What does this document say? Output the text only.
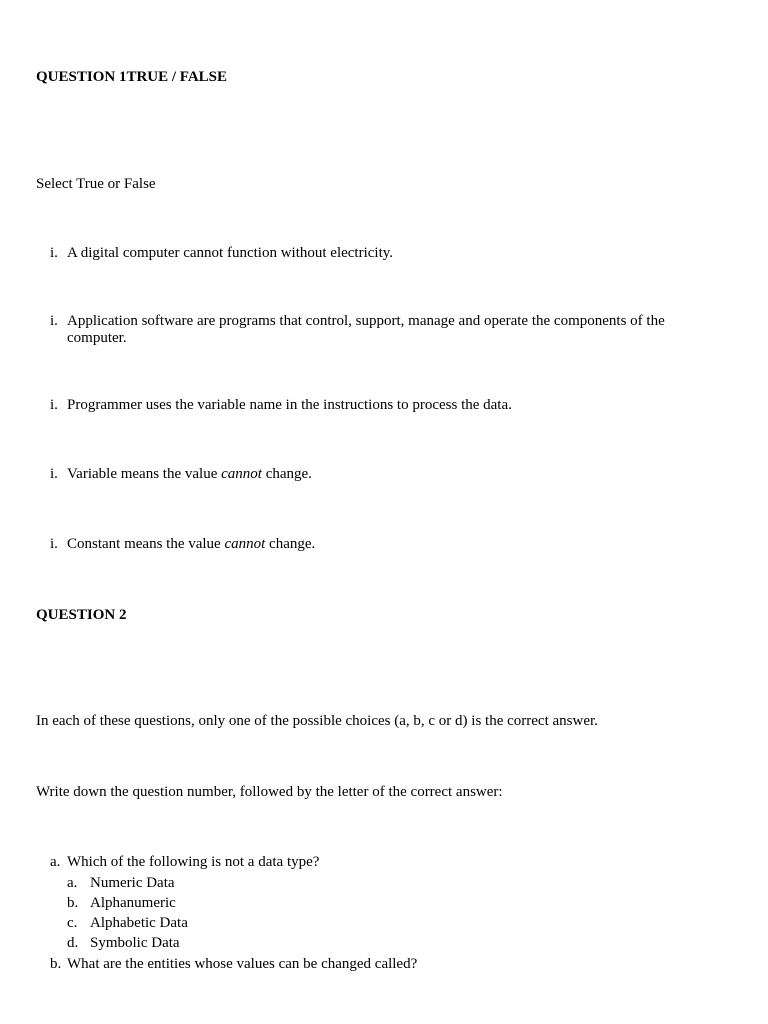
QUESTION 1TRUE / FALSE
Select True or False
i. A digital computer cannot function without electricity.
i. Application software are programs that control, support, manage and operate the components of the computer.
i. Programmer uses the variable name in the instructions to process the data.
i. Variable means the value cannot change.
i. Constant means the value cannot change.
QUESTION 2
In each of these questions, only one of the possible choices (a, b, c or d) is the correct answer.
Write down the question number, followed by the letter of the correct answer:
a. Which of the following is not a data type?
a. Numeric Data
b. Alphanumeric
c. Alphabetic Data
d. Symbolic Data
b. What are the entities whose values can be changed called?
